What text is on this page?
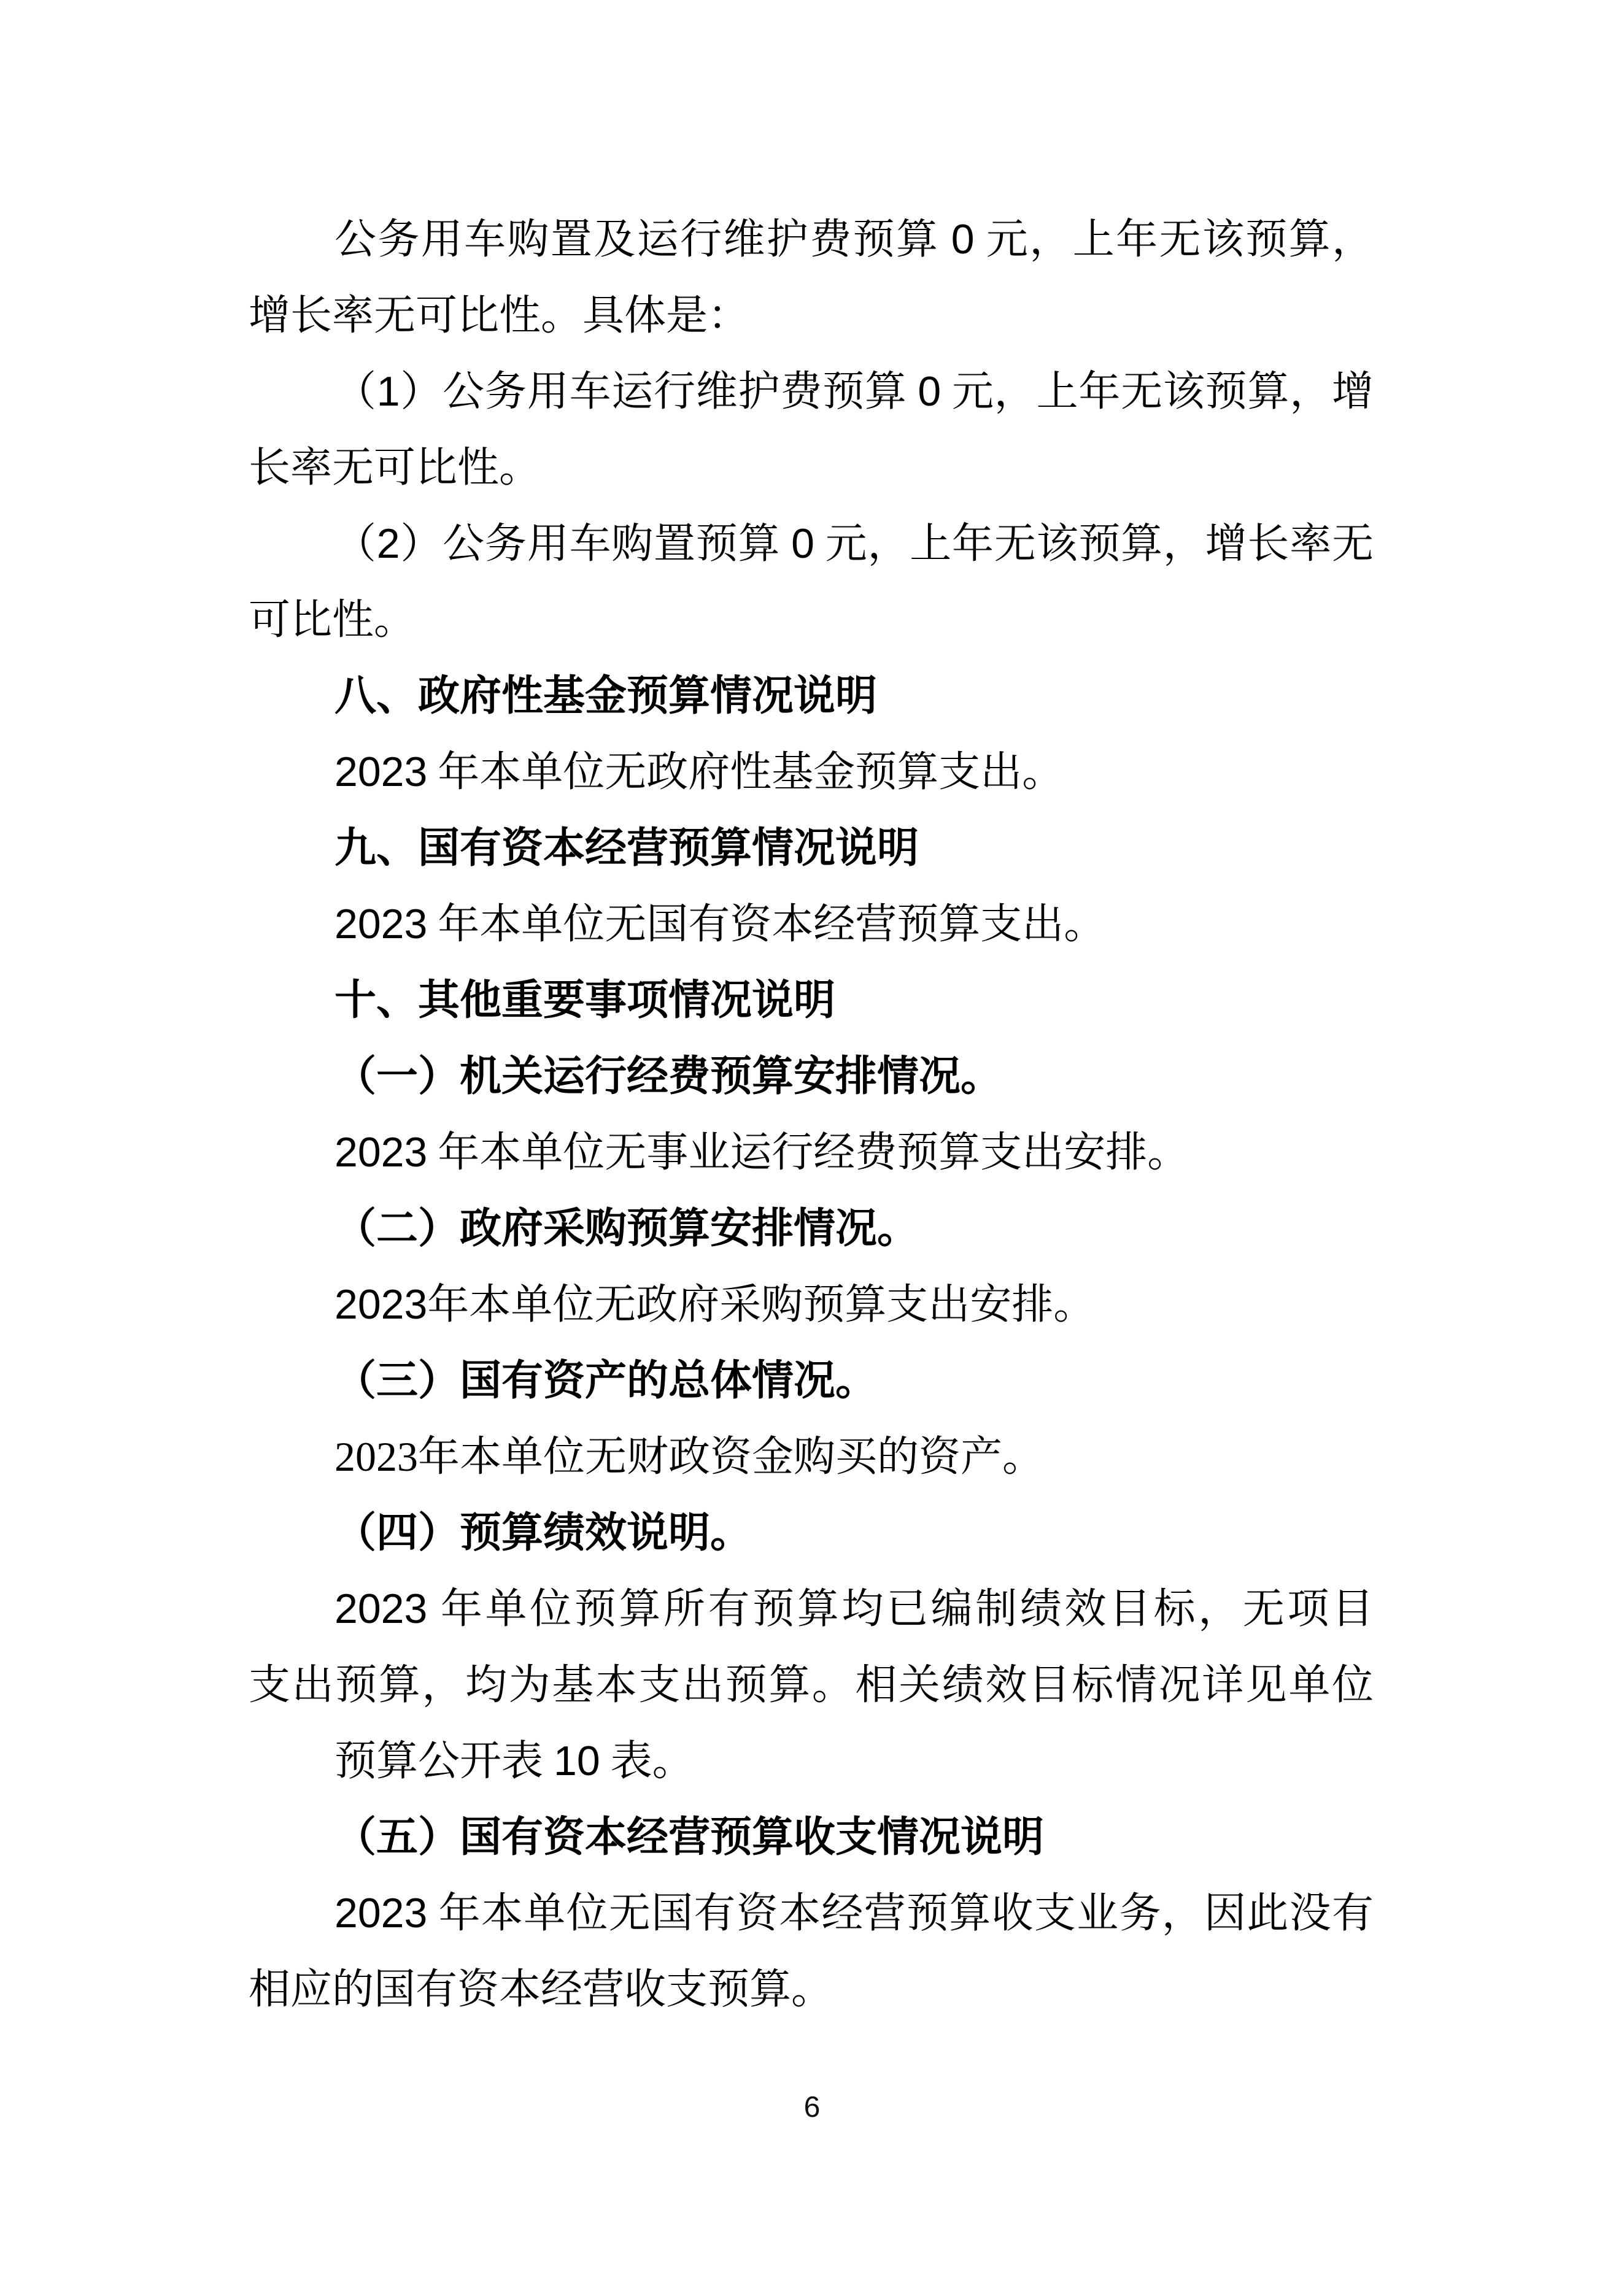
公务用车购置及运行维护费预算 0 元，上年无该预算，
增长率无可比性。具体是：
（1）公务用车运行维护费预算 0 元，上年无该预算，增
长率无可比性。
（2）公务用车购置预算 0 元，上年无该预算，增长率无
可比性。
八、政府性基金预算情况说明
2023 年本单位无政府性基金预算支出。
九、国有资本经营预算情况说明
2023 年本单位无国有资本经营预算支出。
十、其他重要事项情况说明
（一）机关运行经费预算安排情况。
2023 年本单位无事业运行经费预算支出安排。
（二）政府采购预算安排情况。
2023年本单位无政府采购预算支出安排。
（三）国有资产的总体情况。
2023年本单位无财政资金购买的资产。
（四）预算绩效说明。
2023 年单位预算所有预算均已编制绩效目标，无项目
支出预算，均为基本支出预算。相关绩效目标情况详见单位
预算公开表 10 表。
（五）国有资本经营预算收支情况说明
2023 年本单位无国有资本经营预算收支业务，因此没有
相应的国有资本经营收支预算。
6
